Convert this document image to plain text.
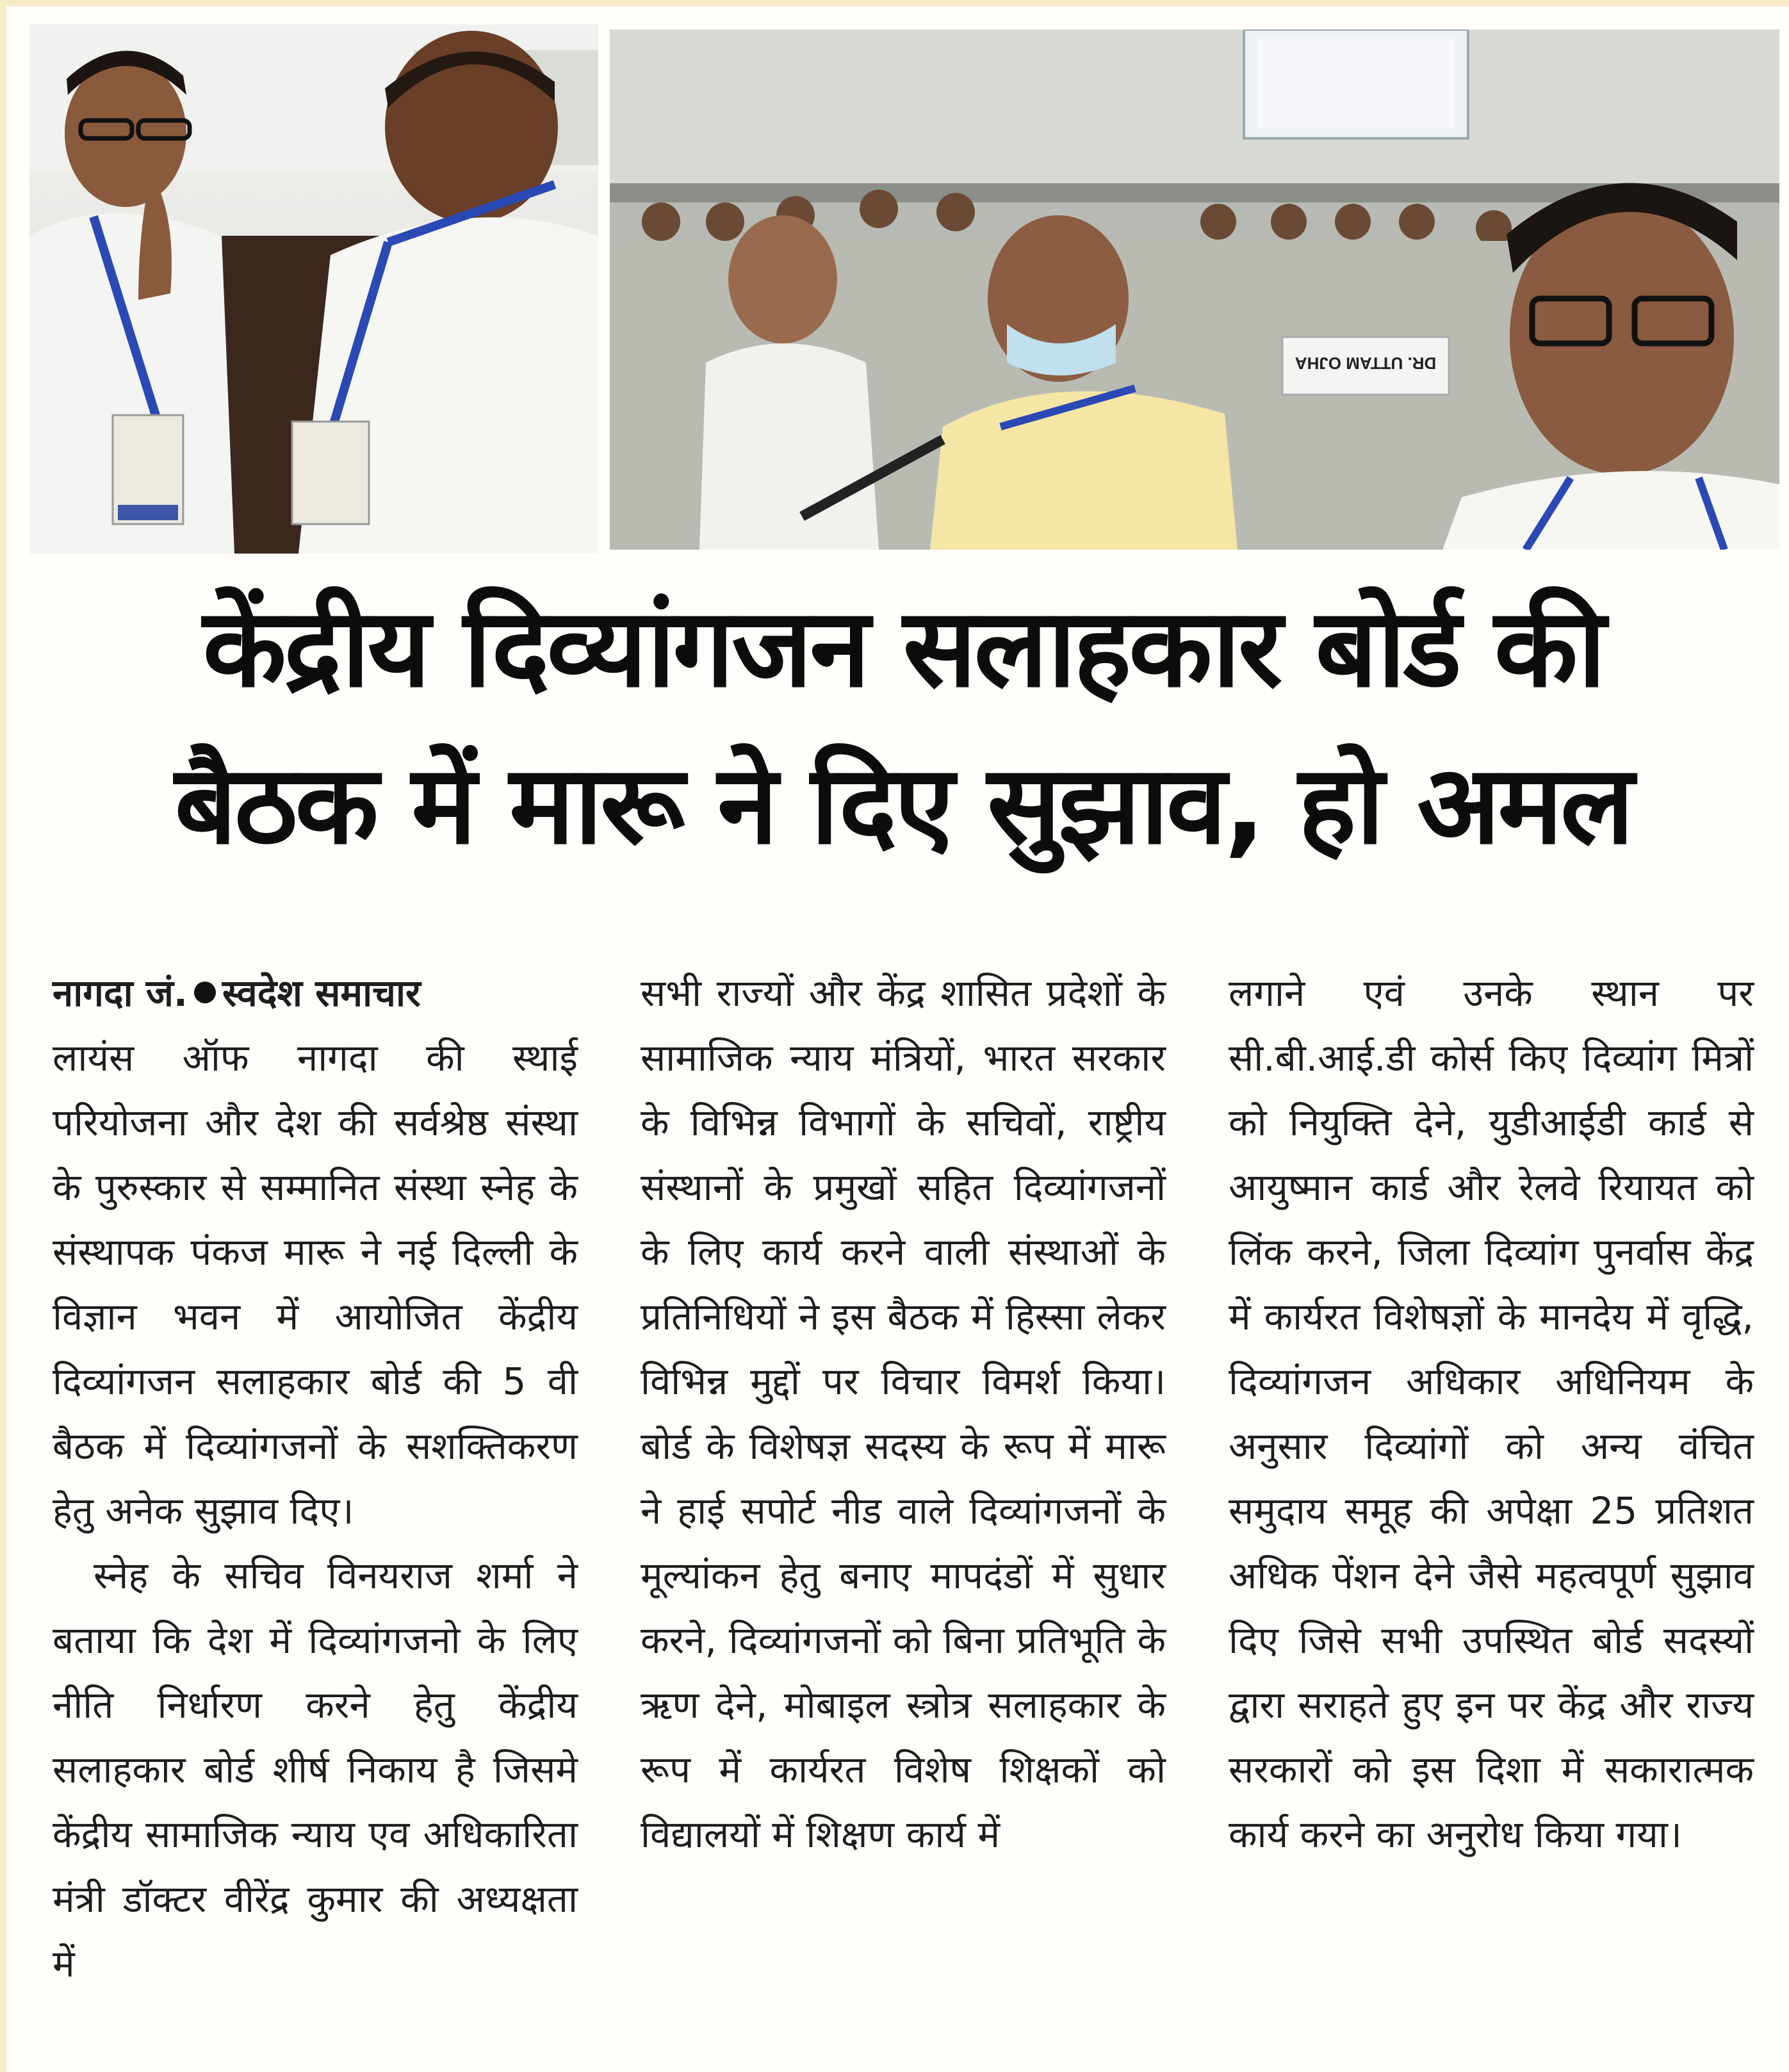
DR. UTTAM OJHA
केंद्रीय दिव्यांगजन सलाहकार बोर्ड की
बैठक में मारू ने दिए सुझाव, हो अमल
नागदा जं. स्वदेश समाचार

लायंस ऑफ नागदा की स्थाई परियोजना और देश की सर्वश्रेष्ठ संस्था के पुरुस्कार से सम्मानित संस्था स्नेह के संस्थापक पंकज मारू ने नई दिल्ली के विज्ञान भवन में आयोजित केंद्रीय दिव्यांगजन सलाहकार बोर्ड की 5 वी बैठक में दिव्यांगजनों के सशक्तिकरण हेतु अनेक सुझाव दिए।

स्नेह के सचिव विनयराज शर्मा ने बताया कि देश में दिव्यांगजनो के लिए नीति निर्धारण करने हेतु केंद्रीय सलाहकार बोर्ड शीर्ष निकाय है जिसमे केंद्रीय सामाजिक न्याय एव अधिकारिता मंत्री डॉक्टर वीरेंद्र कुमार की अध्यक्षता में

सभी राज्यों और केंद्र शासित प्रदेशों के सामाजिक न्याय मंत्रियों, भारत सरकार के विभिन्न विभागों के सचिवों, राष्ट्रीय संस्थानों के प्रमुखों सहित दिव्यांगजनों के लिए कार्य करने वाली संस्थाओं के प्रतिनिधियों ने इस बैठक में हिस्सा लेकर विभिन्न मुद्दों पर विचार विमर्श किया। बोर्ड के विशेषज्ञ सदस्य के रूप में मारू ने हाई सपोर्ट नीड वाले दिव्यांगजनों के मूल्यांकन हेतु बनाए मापदंडों में सुधार करने, दिव्यांगजनों को बिना प्रतिभूति के ऋण देने, मोबाइल स्त्रोत्र सलाहकार के रूप में कार्यरत विशेष शिक्षकों को विद्यालयों में शिक्षण कार्य में

लगाने एवं उनके स्थान पर सी.बी.आई.डी कोर्स किए दिव्यांग मित्रों को नियुक्ति देने, युडीआईडी कार्ड से आयुष्मान कार्ड और रेलवे रियायत को लिंक करने, जिला दिव्यांग पुनर्वास केंद्र में कार्यरत विशेषज्ञों के मानदेय में वृद्धि, दिव्यांगजन अधिकार अधिनियम के अनुसार दिव्यांगों को अन्य वंचित समुदाय समूह की अपेक्षा 25 प्रतिशत अधिक पेंशन देने जैसे महत्वपूर्ण सुझाव दिए जिसे सभी उपस्थित बोर्ड सदस्यों द्वारा सराहते हुए इन पर केंद्र और राज्य सरकारों को इस दिशा में सकारात्मक कार्य करने का अनुरोध किया गया।
